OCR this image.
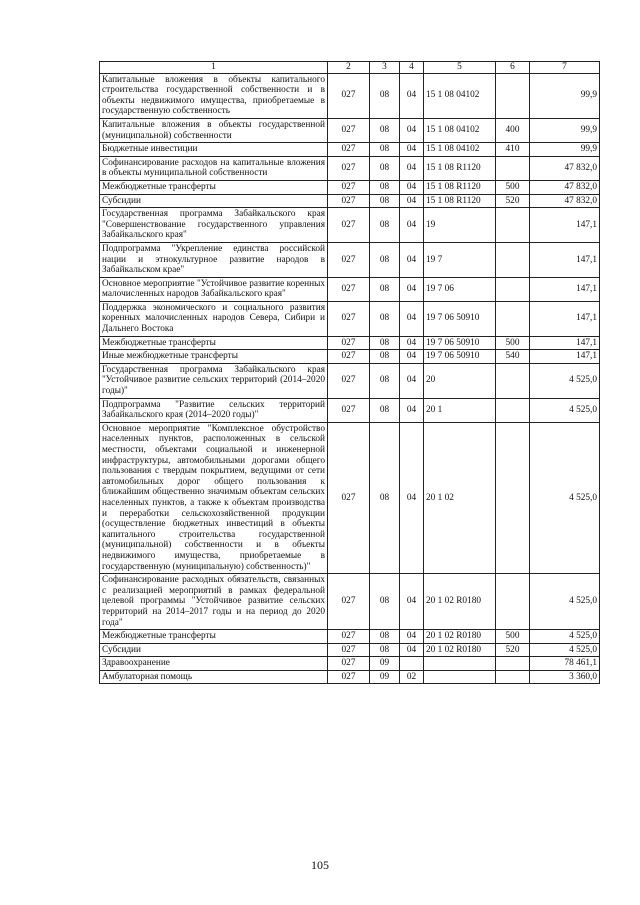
1	2	3	4	5	6	7
Капитальные вложения в объекты капитального строительства государственной собственности и в объекты недвижимого имущества, приобретаемые в государственную собственность	027	08	04	15 1 08 04102		99,9
Капитальные вложения в объекты государственной (муниципальной) собственности	027	08	04	15 1 08 04102	400	99,9
Бюджетные инвестиции	027	08	04	15 1 08 04102	410	99,9
Софинансирование расходов на капитальные вложения в объекты муниципальной собственности	027	08	04	15 1 08 R1120		47 832,0
Межбюджетные трансферты	027	08	04	15 1 08 R1120	500	47 832,0
Субсидии	027	08	04	15 1 08 R1120	520	47 832,0
Государственная программа Забайкальского края "Совершенствование государственного управления Забайкальского края"	027	08	04	19		147,1
Подпрограмма "Укрепление единства российской нации и этнокультурное развитие народов в Забайкальском крае"	027	08	04	19 7		147,1
Основное мероприятие "Устойчивое развитие коренных малочисленных народов Забайкальского края"	027	08	04	19 7 06		147,1
Поддержка экономического и социального развития коренных малочисленных народов Севера, Сибири и Дальнего Востока	027	08	04	19 7 06 50910		147,1
Межбюджетные трансферты	027	08	04	19 7 06 50910	500	147,1
Иные межбюджетные трансферты	027	08	04	19 7 06 50910	540	147,1
Государственная программа Забайкальского края "Устойчивое развитие сельских территорий (2014–2020 годы)"	027	08	04	20		4 525,0
Подпрограмма "Развитие сельских территорий Забайкальского края (2014–2020 годы)"	027	08	04	20 1		4 525,0
Основное мероприятие "Комплексное обустройство населенных пунктов, расположенных в сельской местности, объектами социальной и инженерной инфраструктуры, автомобильными дорогами общего пользования с твердым покрытием, ведущими от сети автомобильных дорог общего пользования к ближайшим общественно значимым объектам сельских населенных пунктов, а также к объектам производства и переработки сельскохозяйственной продукции (осуществление бюджетных инвестиций в объекты капитального строительства государственной (муниципальной) собственности и в объекты недвижимого имущества, приобретаемые в государственную (муниципальную) собственность)"	027	08	04	20 1 02		4 525,0
Софинансирование расходных обязательств, связанных с реализацией мероприятий в рамках федеральной целевой программы "Устойчивое развитие сельских территорий на 2014–2017 годы и на период до 2020 года"	027	08	04	20 1 02 R0180		4 525,0
Межбюджетные трансферты	027	08	04	20 1 02 R0180	500	4 525,0
Субсидии	027	08	04	20 1 02 R0180	520	4 525,0
Здравоохранение	027	09				78 461,1
Амбулаторная помощь	027	09	02			3 360,0
105
